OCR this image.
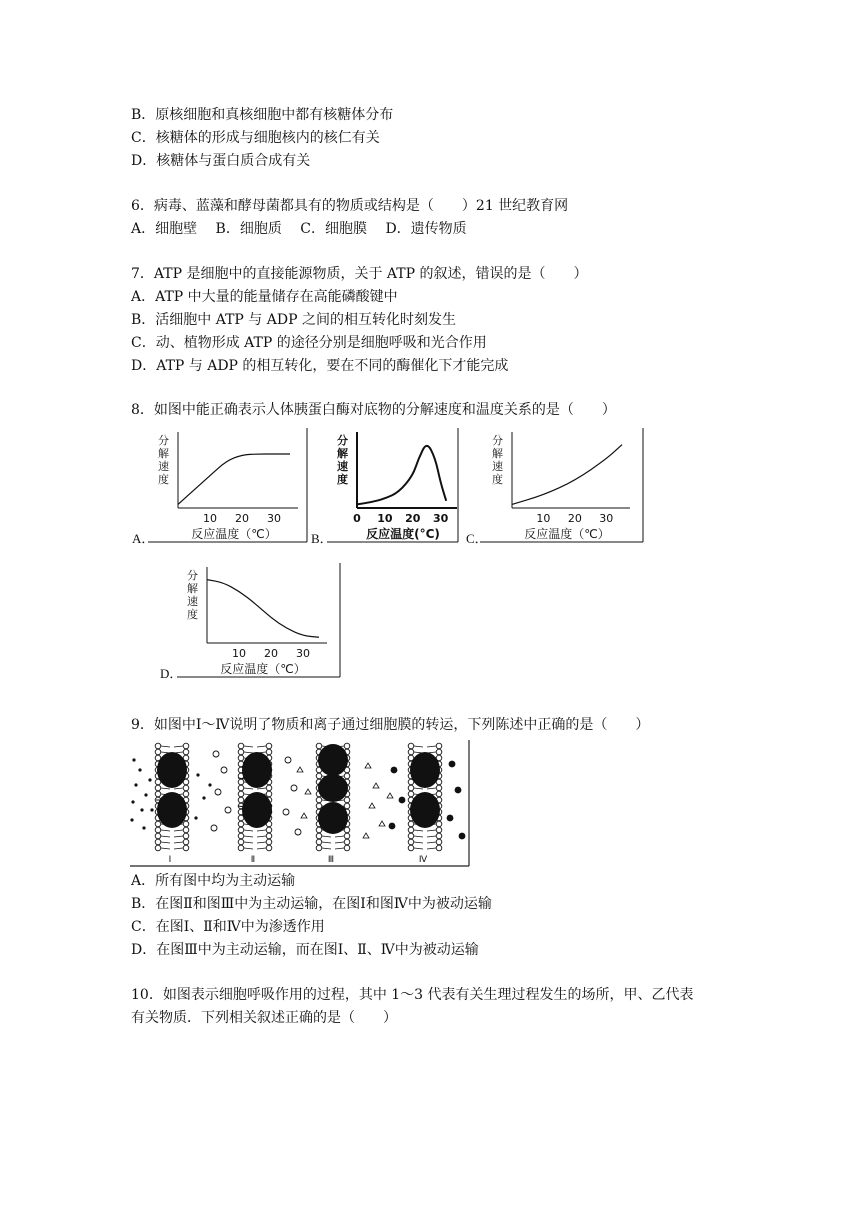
B．原核细胞和真核细胞中都有核糖体分布
C．核糖体的形成与细胞核内的核仁有关
D．核糖体与蛋白质合成有关
6．病毒、蓝藻和酵母菌都具有的物质或结构是（　　）21 世纪教育网
A．细胞壁　 B．细胞质　 C．细胞膜　 D．遗传物质
7．ATP 是细胞中的直接能源物质，关于 ATP 的叙述，错误的是（　　）
A．ATP 中大量的能量储存在高能磷酸键中
B．活细胞中 ATP 与 ADP 之间的相互转化时刻发生
C．动、植物形成 ATP 的途径分别是细胞呼吸和光合作用
D．ATP 与 ADP 的相互转化，要在不同的酶催化下才能完成
8．如图中能正确表示人体胰蛋白酶对底物的分解速度和温度关系的是（　　）
A．	B．	C．
D．
分
解
速
度
10 20 30
反应温度（℃）
分
解
速
度
0 10 20 30
反应温度(°C)
分
解
速
度
10 20 30
反应温度（℃）
分
解
速
度
10 20 30
反应温度（℃）
9．如图中Ⅰ～Ⅳ说明了物质和离子通过细胞膜的转运，下列陈述中正确的是（　　）
Ⅰ	Ⅱ	Ⅲ	Ⅳ
A．所有图中均为主动运输
B．在图Ⅱ和图Ⅲ中为主动运输，在图Ⅰ和图Ⅳ中为被动运输
C．在图Ⅰ、Ⅱ和Ⅳ中为渗透作用
D．在图Ⅲ中为主动运输，而在图Ⅰ、Ⅱ、Ⅳ中为被动运输
10．如图表示细胞呼吸作用的过程，其中 1～3 代表有关生理过程发生的场所，甲、乙代表
有关物质．下列相关叙述正确的是（　　）
